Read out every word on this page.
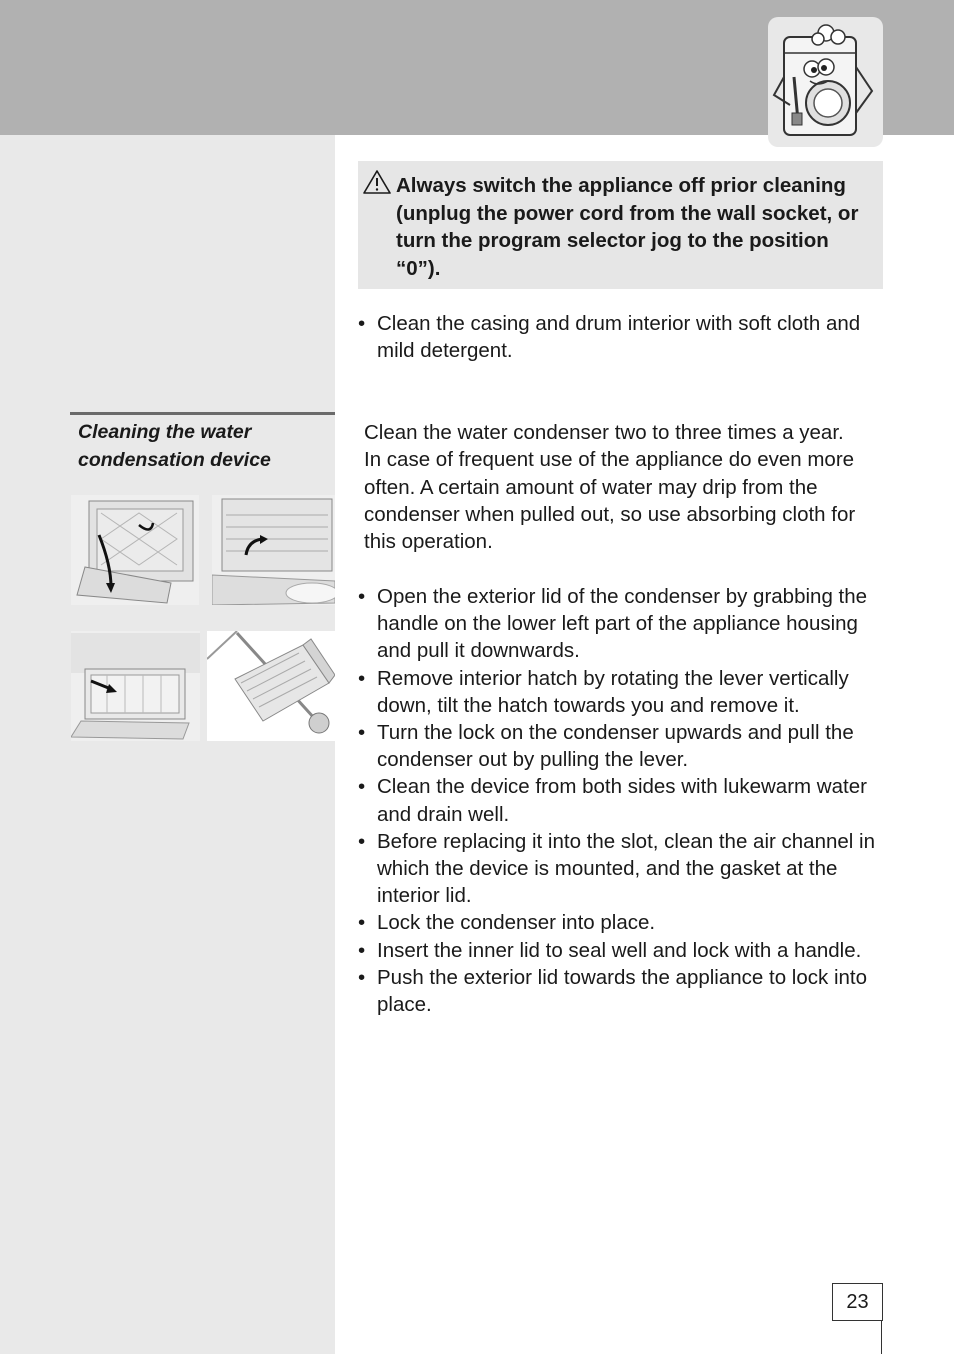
Always switch the appliance off prior cleaning (unplug the power cord from the wall socket, or turn the program selector jog to the position “0”).

• Clean the casing and drum interior with soft cloth and mild detergent.
Cleaning the water condensation device

Clean the water condenser two to three times a year. In case of frequent use of the appliance do even more often. A certain amount of water may drip from the condenser when pulled out, so use absorbing cloth for this operation.

• Open the exterior lid of the condenser by grabbing the handle on the lower left part of the appliance housing and pull it downwards.
• Remove interior hatch by rotating the lever vertically down, tilt the hatch towards you and remove it.
• Turn the lock on the condenser upwards and pull the condenser out by pulling the lever.
• Clean the device from both sides with lukewarm water and drain well.
• Before replacing it into the slot, clean the air channel in which the device is mounted, and the gasket at the interior lid.
• Lock the condenser into place.
• Insert the inner lid to seal well and lock with a handle.
• Push the exterior lid towards the appliance to lock into place.
23
